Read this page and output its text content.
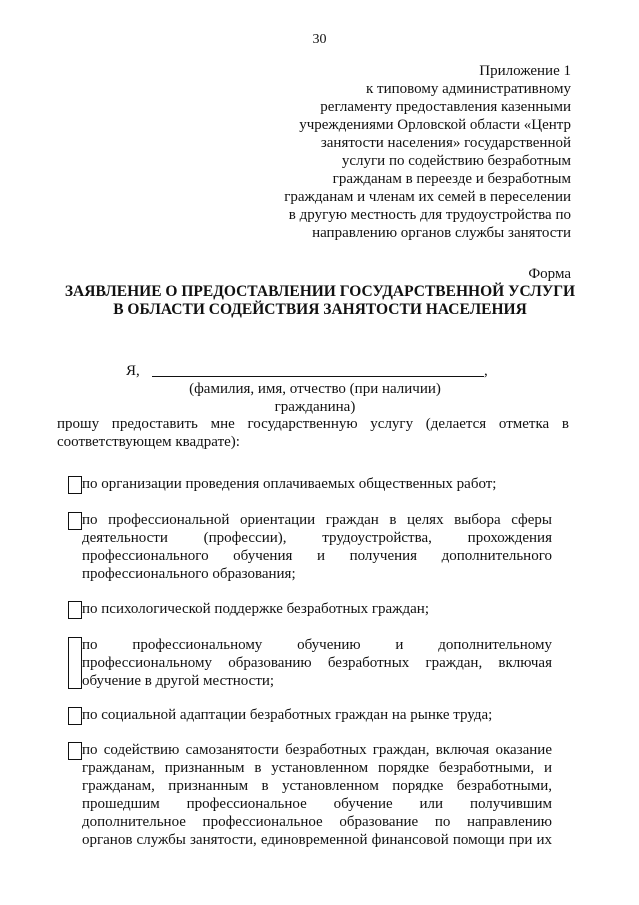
30
Приложение 1
к типовому административному
регламенту предоставления казенными
учреждениями Орловской области «Центр
занятости населения» государственной
услуги по содействию безработным
гражданам в переезде и безработным
гражданам и членам их семей в переселении
в другую местность для трудоустройства по
направлению органов службы занятости
Форма
ЗАЯВЛЕНИЕ О ПРЕДОСТАВЛЕНИИ ГОСУДАРСТВЕННОЙ УСЛУГИ
В ОБЛАСТИ СОДЕЙСТВИЯ ЗАНЯТОСТИ НАСЕЛЕНИЯ
Я,	,
(фамилия, имя, отчество (при наличии)
гражданина)
прошу предоставить мне государственную услугу (делается отметка в соответствующем квадрате):
по организации проведения оплачиваемых общественных работ;
по профессиональной ориентации граждан в целях выбора сферы деятельности (профессии), трудоустройства, прохождения профессионального обучения и получения дополнительного профессионального образования;
по психологической поддержке безработных граждан;
по профессиональному обучению и дополнительному профессиональному образованию безработных граждан, включая обучение в другой местности;
по социальной адаптации безработных граждан на рынке труда;
по содействию самозанятости безработных граждан, включая оказание гражданам, признанным в установленном порядке безработными, и гражданам, признанным в установленном порядке безработными, прошедшим профессиональное обучение или получившим дополнительное профессиональное образование по направлению органов службы занятости, единовременной финансовой помощи при их
